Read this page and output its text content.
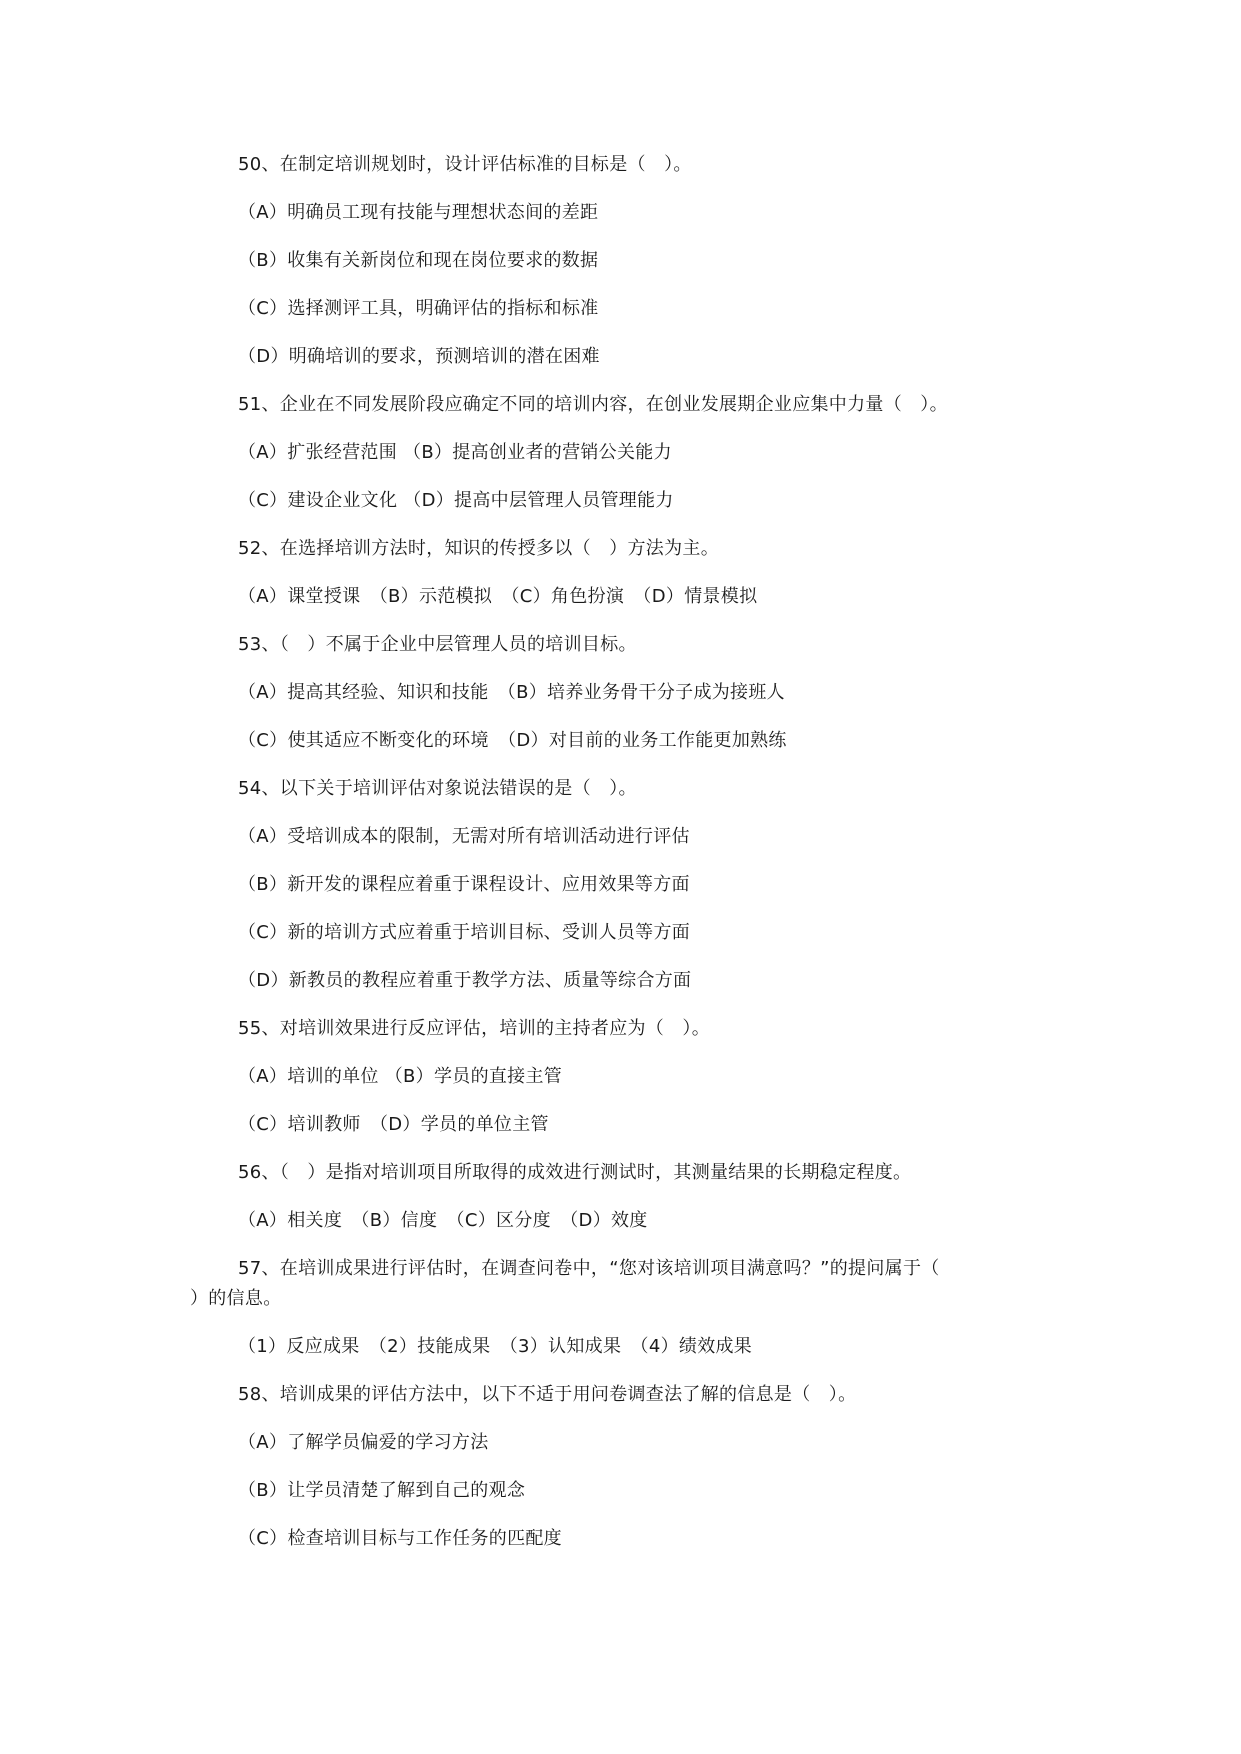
50、在制定培训规划时，设计评估标准的目标是（　）。
（A）明确员工现有技能与理想状态间的差距
（B）收集有关新岗位和现在岗位要求的数据
（C）选择测评工具，明确评估的指标和标准
（D）明确培训的要求，预测培训的潜在困难
51、企业在不同发展阶段应确定不同的培训内容，在创业发展期企业应集中力量（　）。
（A）扩张经营范围 （B）提高创业者的营销公关能力
（C）建设企业文化 （D）提高中层管理人员管理能力
52、在选择培训方法时，知识的传授多以（　）方法为主。
（A）课堂授课　（B）示范模拟　（C）角色扮演　（D）情景模拟
53、（　）不属于企业中层管理人员的培训目标。
（A）提高其经验、知识和技能　（B）培养业务骨干分子成为接班人
（C）使其适应不断变化的环境　（D）对目前的业务工作能更加熟练
54、以下关于培训评估对象说法错误的是（　）。
（A）受培训成本的限制，无需对所有培训活动进行评估
（B）新开发的课程应着重于课程设计、应用效果等方面
（C）新的培训方式应着重于培训目标、受训人员等方面
（D）新教员的教程应着重于教学方法、质量等综合方面
55、对培训效果进行反应评估，培训的主持者应为（　）。
（A）培训的单位 （B）学员的直接主管
（C）培训教师　（D）学员的单位主管
56、（　）是指对培训项目所取得的成效进行测试时，其测量结果的长期稳定程度。
（A）相关度　（B）信度　（C）区分度　（D）效度
57、在培训成果进行评估时，在调查问卷中，“您对该培训项目满意吗？”的提问属于（
）的信息。
（1）反应成果　（2）技能成果　（3）认知成果　（4）绩效成果
58、培训成果的评估方法中，以下不适于用问卷调查法了解的信息是（　）。
（A）了解学员偏爱的学习方法
（B）让学员清楚了解到自己的观念
（C）检查培训目标与工作任务的匹配度
